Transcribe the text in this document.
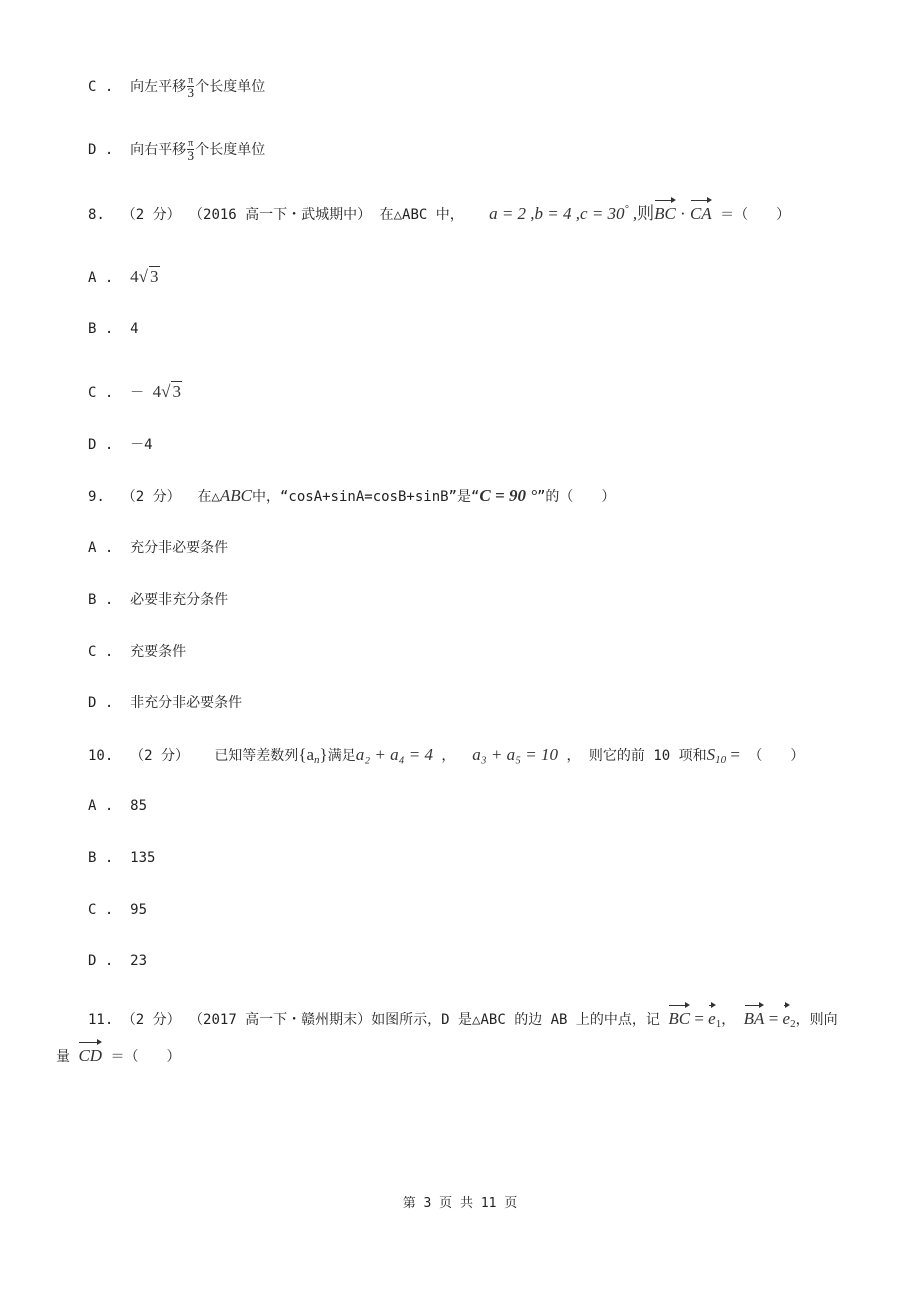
C . 向左平移 $\frac{\pi}{3}$ 个长度单位
D . 向右平移 $\frac{\pi}{3}$ 个长度单位
8. （2 分） （2016 高一下・武城期中） 在△ABC 中， a = 2 ,b = 4 ,c = 30° ,则BC · CA ＝（　　）
A . 4√ 3
B . 4
C . － 4√ 3
D . －4
9. （2 分） 在△ABC中，“cosA+sinA=cosB+sinB”是“C = 90 °”的（　　）
A . 充分非必要条件
B . 必要非充分条件
C . 充要条件
D . 非充分非必要条件
10. （2 分） 已知等差数列$\{a_n\}$满足a₂ + a₄ = 4 ， a₃ + a₅ = 10 ， 则它的前 10 项和$S_{10}$ = （　　）
A . 85
B . 135
C . 95
D . 23
11. （2 分） （2017 高一下・赣州期末）如图所示，D 是△ABC 的边 AB 上的中点，记 BC = $e_1$， BA = $e_2$，则向
量 CD ＝（　　）
第 3 页 共 11 页
